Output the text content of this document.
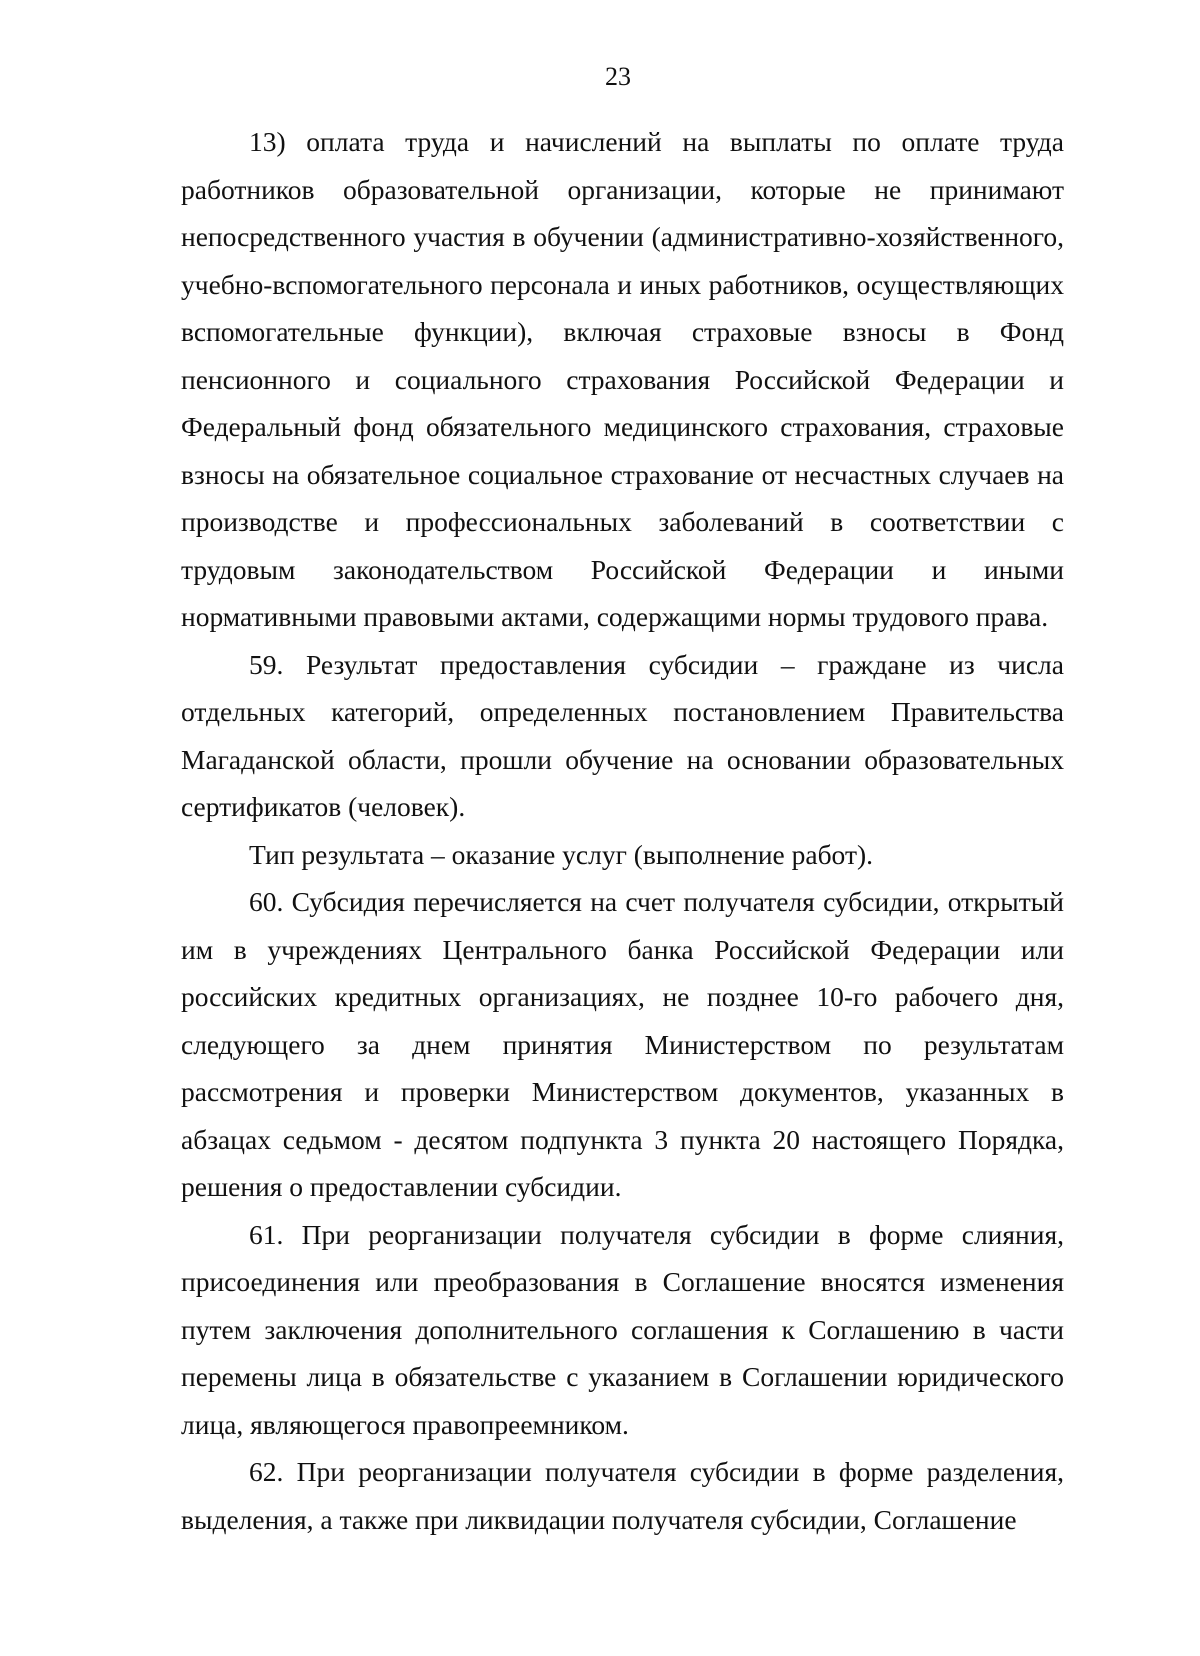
23

13) оплата труда и начислений на выплаты по оплате труда работников образовательной организации, которые не принимают непосредственного участия в обучении (административно-хозяйственного, учебно-вспомогательного персонала и иных работников, осуществляющих вспомогательные функции), включая страховые взносы в Фонд пенсионного и социального страхования Российской Федерации и Федеральный фонд обязательного медицинского страхования, страховые взносы на обязательное социальное страхование от несчастных случаев на производстве и профессиональных заболеваний в соответствии с трудовым законодательством Российской Федерации и иными нормативными правовыми актами, содержащими нормы трудового права.

59. Результат предоставления субсидии – граждане из числа отдельных категорий, определенных постановлением Правительства Магаданской области, прошли обучение на основании образовательных сертификатов (человек).

Тип результата – оказание услуг (выполнение работ).

60. Субсидия перечисляется на счет получателя субсидии, открытый им в учреждениях Центрального банка Российской Федерации или российских кредитных организациях, не позднее 10-го рабочего дня, следующего за днем принятия Министерством по результатам рассмотрения и проверки Министерством документов, указанных в абзацах седьмом - десятом подпункта 3 пункта 20 настоящего Порядка, решения о предоставлении субсидии.

61. При реорганизации получателя субсидии в форме слияния, присоединения или преобразования в Соглашение вносятся изменения путем заключения дополнительного соглашения к Соглашению в части перемены лица в обязательстве с указанием в Соглашении юридического лица, являющегося правопреемником.

62. При реорганизации получателя субсидии в форме разделения, выделения, а также при ликвидации получателя субсидии, Соглашение
